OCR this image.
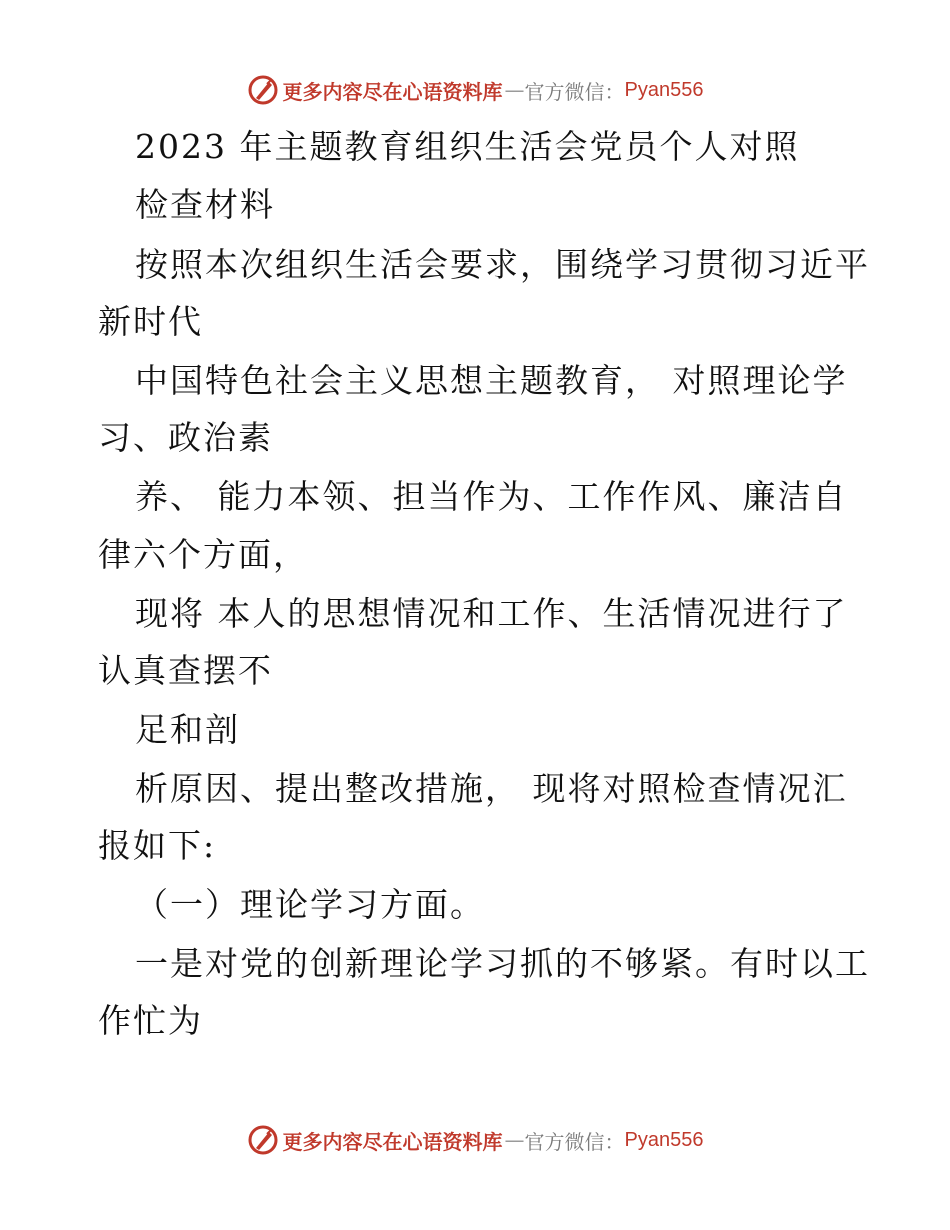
更多内容尽在心语资料库 — 官方微信： Pyan556
2023 年主题教育组织生活会党员个人对照
检查材料
按照本次组织生活会要求，围绕学习贯彻习近平
新时代
中国特色社会主义思想主题教育， 对照理论学
习、政治素
养、 能力本领、担当作为、工作作风、廉洁自
律六个方面，
现将 本人的思想情况和工作、生活情况进行了
认真查摆不
足和剖
析原因、提出整改措施， 现将对照检查情况汇
报如下:
（一）理论学习方面。
一是对党的创新理论学习抓的不够紧。有时以工
作忙为
更多内容尽在心语资料库 — 官方微信： Pyan556
